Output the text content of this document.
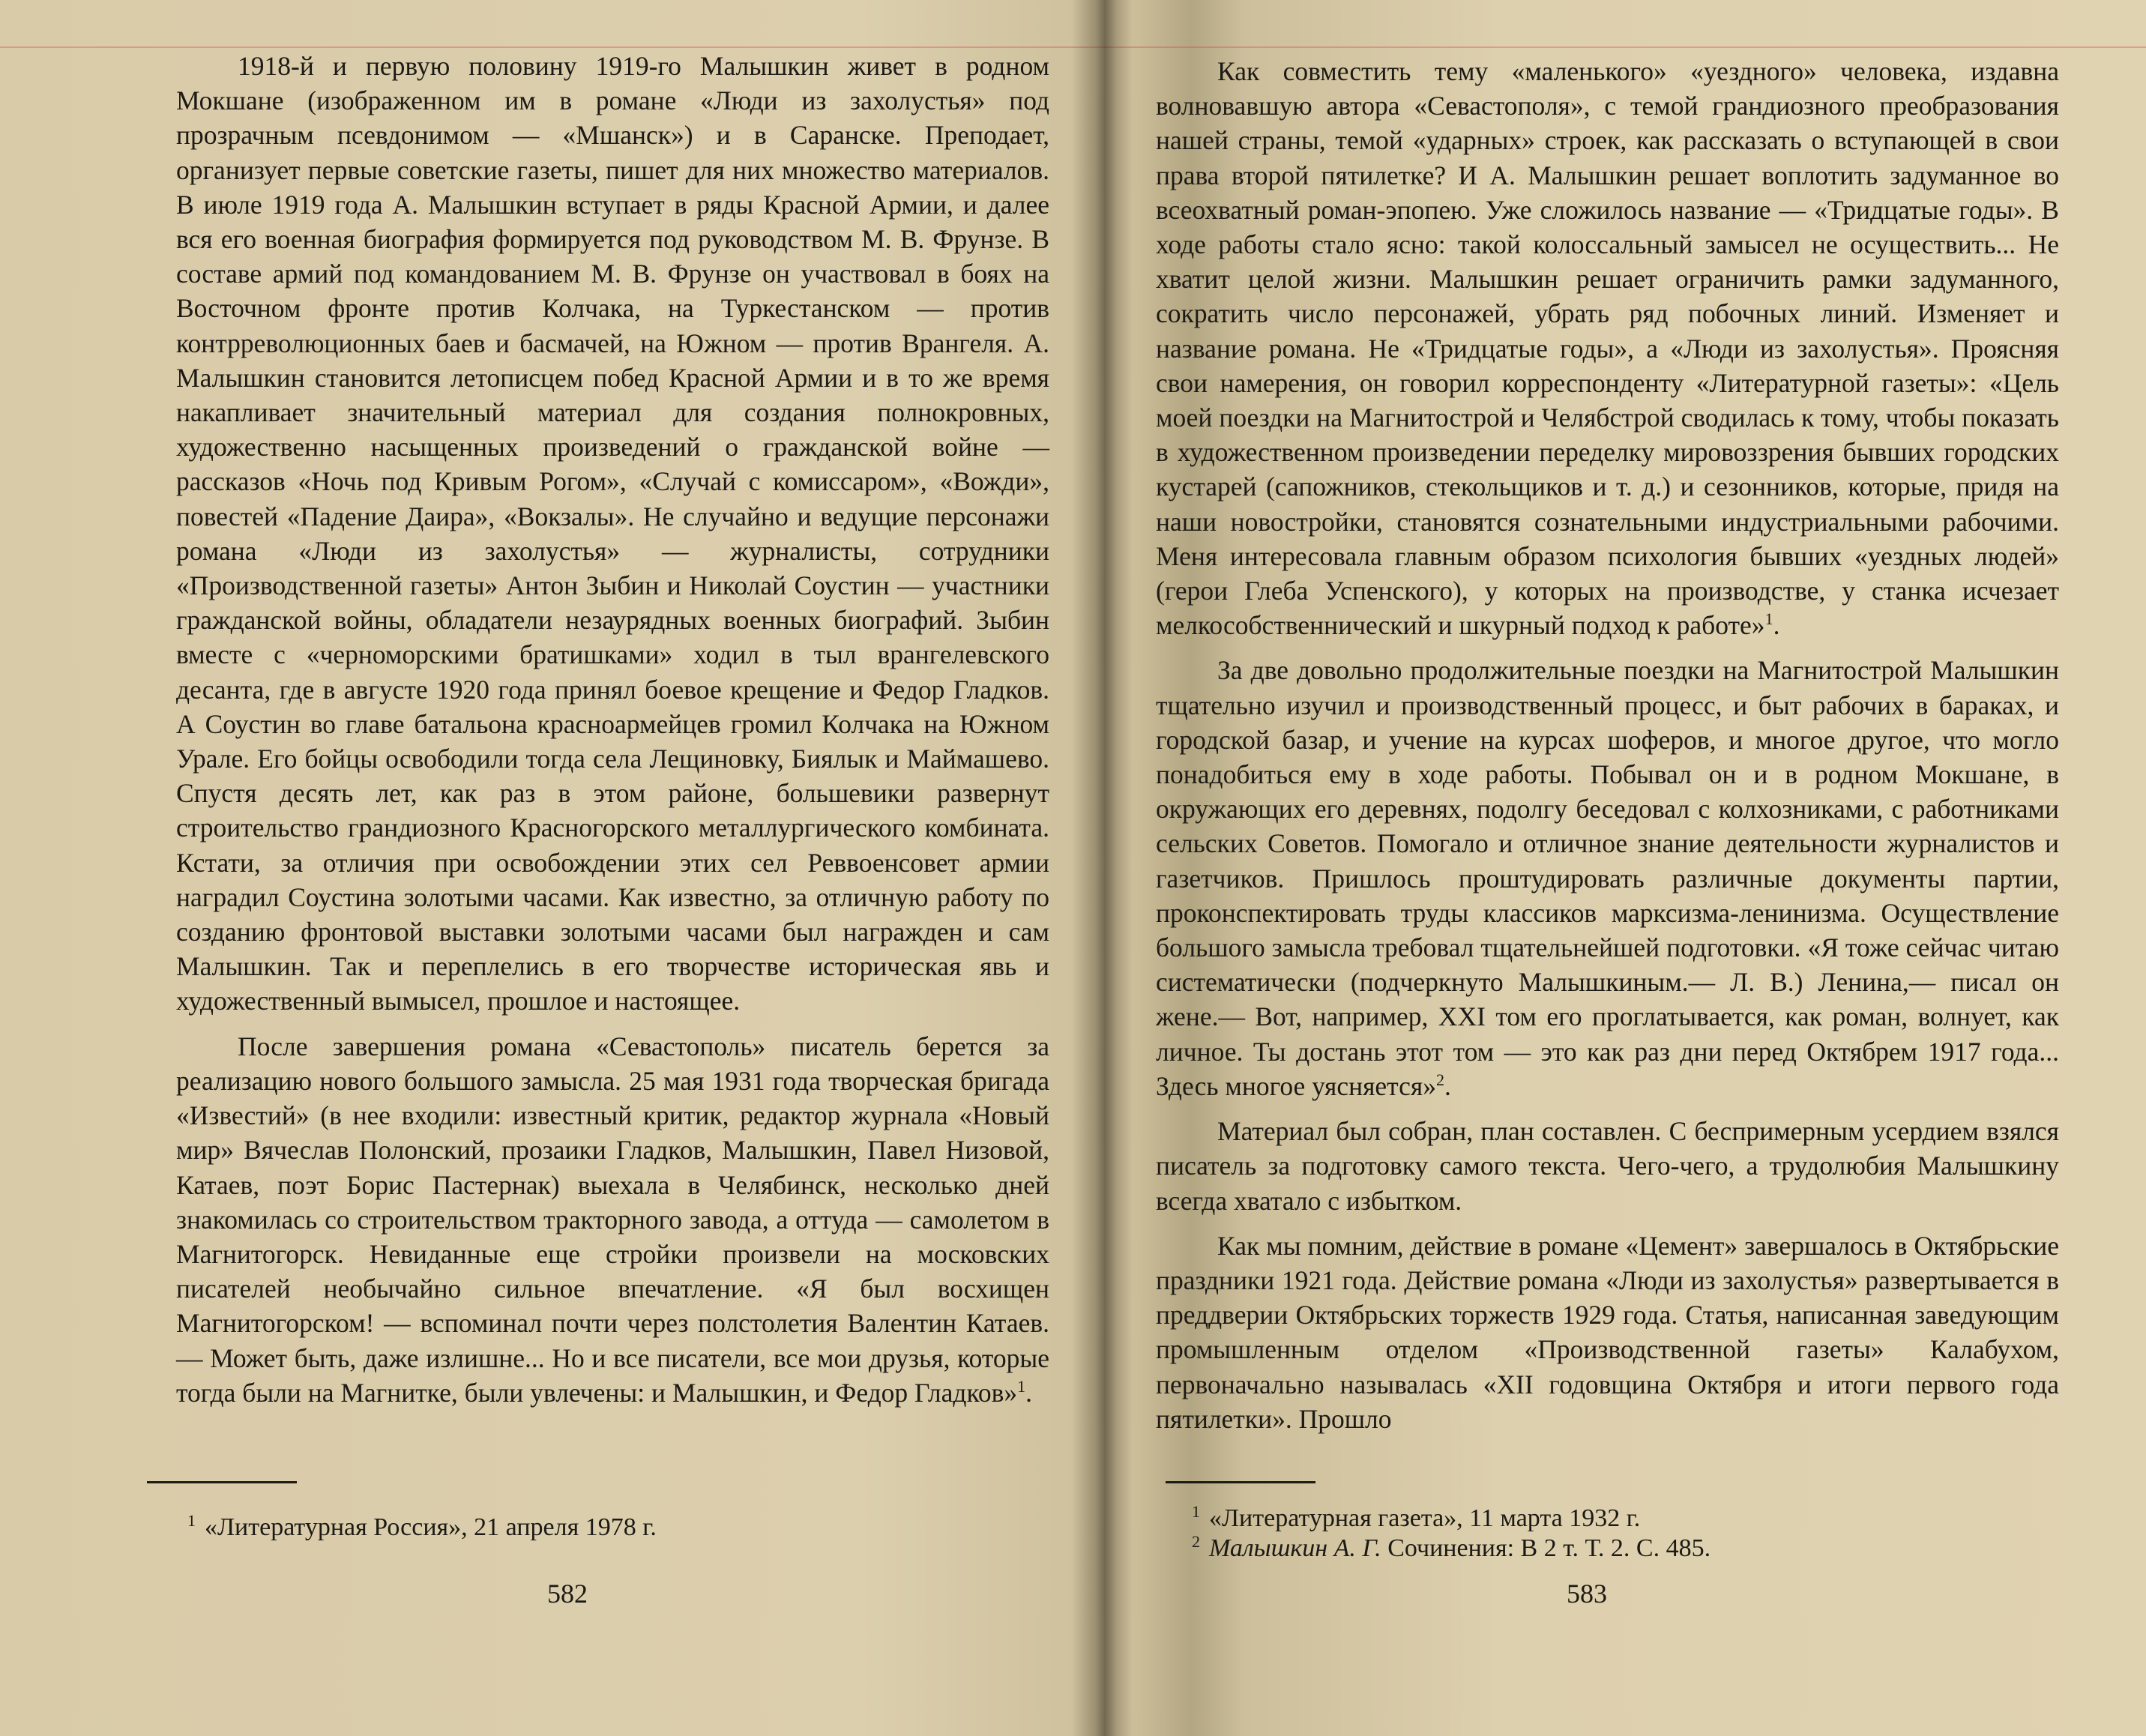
1918-й и первую половину 1919-го Малышкин живет в родном Мокшане (изображенном им в романе «Люди из захолустья» под прозрачным псевдонимом — «Мшанск») и в Саранске. Преподает, организует первые советские газеты, пишет для них множество материалов. В июле 1919 года А. Малышкин вступает в ряды Красной Армии, и далее вся его военная биография формируется под руководством М. В. Фрунзе. В составе армий под командованием М. В. Фрунзе он участвовал в боях на Восточном фронте против Колчака, на Туркестанском — против контрреволюционных баев и басмачей, на Южном — против Врангеля. А. Малышкин становится летописцем побед Красной Армии и в то же время накапливает значительный материал для создания полнокровных, художественно насыщенных произведений о гражданской войне — рассказов «Ночь под Кривым Рогом», «Случай с комиссаром», «Вожди», повестей «Падение Даира», «Вокзалы». Не случайно и ведущие персонажи романа «Люди из захолустья» — журналисты, сотрудники «Производственной газеты» Антон Зыбин и Николай Соустин — участники гражданской войны, обладатели незаурядных военных биографий. Зыбин вместе с «черноморскими братишками» ходил в тыл врангелевского десанта, где в августе 1920 года принял боевое крещение и Федор Гладков. А Соустин во главе батальона красноармейцев громил Колчака на Южном Урале. Его бойцы освободили тогда села Лещиновку, Биялык и Маймашево. Спустя десять лет, как раз в этом районе, большевики развернут строительство грандиозного Красногорского металлургического комбината. Кстати, за отличия при освобождении этих сел Реввоенсовет армии наградил Соустина золотыми часами. Как известно, за отличную работу по созданию фронтовой выставки золотыми часами был награжден и сам Малышкин. Так и переплелись в его творчестве историческая явь и художественный вымысел, прошлое и настоящее.

После завершения романа «Севастополь» писатель берется за реализацию нового большого замысла. 25 мая 1931 года творческая бригада «Известий» (в нее входили: известный критик, редактор журнала «Новый мир» Вячеслав Полонский, прозаики Гладков, Малышкин, Павел Низовой, Катаев, поэт Борис Пастернак) выехала в Челябинск, несколько дней знакомилась со строительством тракторного завода, а оттуда — самолетом в Магнитогорск. Невиданные еще стройки произвели на московских писателей необычайно сильное впечатление. «Я был восхищен Магнитогорском! — вспоминал почти через полстолетия Валентин Катаев.— Может быть, даже излишне... Но и все писатели, все мои друзья, которые тогда были на Магнитке, были увлечены: и Малышкин, и Федор Гладков»$^1$.

$^1$ «Литературная Россия», 21 апреля 1978 г.

582

Как совместить тему «маленького» «уездного» человека, издавна волновавшую автора «Севастополя», с темой грандиозного преобразования нашей страны, темой «ударных» строек, как рассказать о вступающей в свои права второй пятилетке? И А. Малышкин решает воплотить задуманное во всеохватный роман-эпопею. Уже сложилось название — «Тридцатые годы». В ходе работы стало ясно: такой колоссальный замысел не осуществить... Не хватит целой жизни. Малышкин решает ограничить рамки задуманного, сократить число персонажей, убрать ряд побочных линий. Изменяет и название романа. Не «Тридцатые годы», а «Люди из захолустья». Проясняя свои намерения, он говорил корреспонденту «Литературной газеты»: «Цель моей поездки на Магнитострой и Челябстрой сводилась к тому, чтобы показать в художественном произведении переделку мировоззрения бывших городских кустарей (сапожников, стекольщиков и т. д.) и сезонников, которые, придя на наши новостройки, становятся сознательными индустриальными рабочими. Меня интересовала главным образом психология бывших «уездных людей» (герои Глеба Успенского), у которых на производстве, у станка исчезает мелкособственнический и шкурный подход к работе»$^1$.

За две довольно продолжительные поездки на Магнитострой Малышкин тщательно изучил и производственный процесс, и быт рабочих в бараках, и городской базар, и учение на курсах шоферов, и многое другое, что могло понадобиться ему в ходе работы. Побывал он и в родном Мокшане, в окружающих его деревнях, подолгу беседовал с колхозниками, с работниками сельских Советов. Помогало и отличное знание деятельности журналистов и газетчиков. Пришлось проштудировать различные документы партии, проконспектировать труды классиков марксизма-ленинизма. Осуществление большого замысла требовал тщательнейшей подготовки. «Я тоже сейчас читаю систематически (подчеркнуто Малышкиным.— Л. В.) Ленина,— писал он жене.— Вот, например, XXI том его проглатывается, как роман, волнует, как личное. Ты достань этот том — это как раз дни перед Октябрем 1917 года... Здесь многое уясняется»$^2$.

Материал был собран, план составлен. С беспримерным усердием взялся писатель за подготовку самого текста. Чего-чего, а трудолюбия Малышкину всегда хватало с избытком.

Как мы помним, действие в романе «Цемент» завершалось в Октябрьские праздники 1921 года. Действие романа «Люди из захолустья» развертывается в преддверии Октябрьских торжеств 1929 года. Статья, написанная заведующим промышленным отделом «Производственной газеты» Калабухом, первоначально называлась «XII годовщина Октября и итоги первого года пятилетки». Прошло

$^1$ «Литературная газета», 11 марта 1932 г.

$^2$ Малышкин А. Г. Сочинения: В 2 т. Т. 2. С. 485.

583
